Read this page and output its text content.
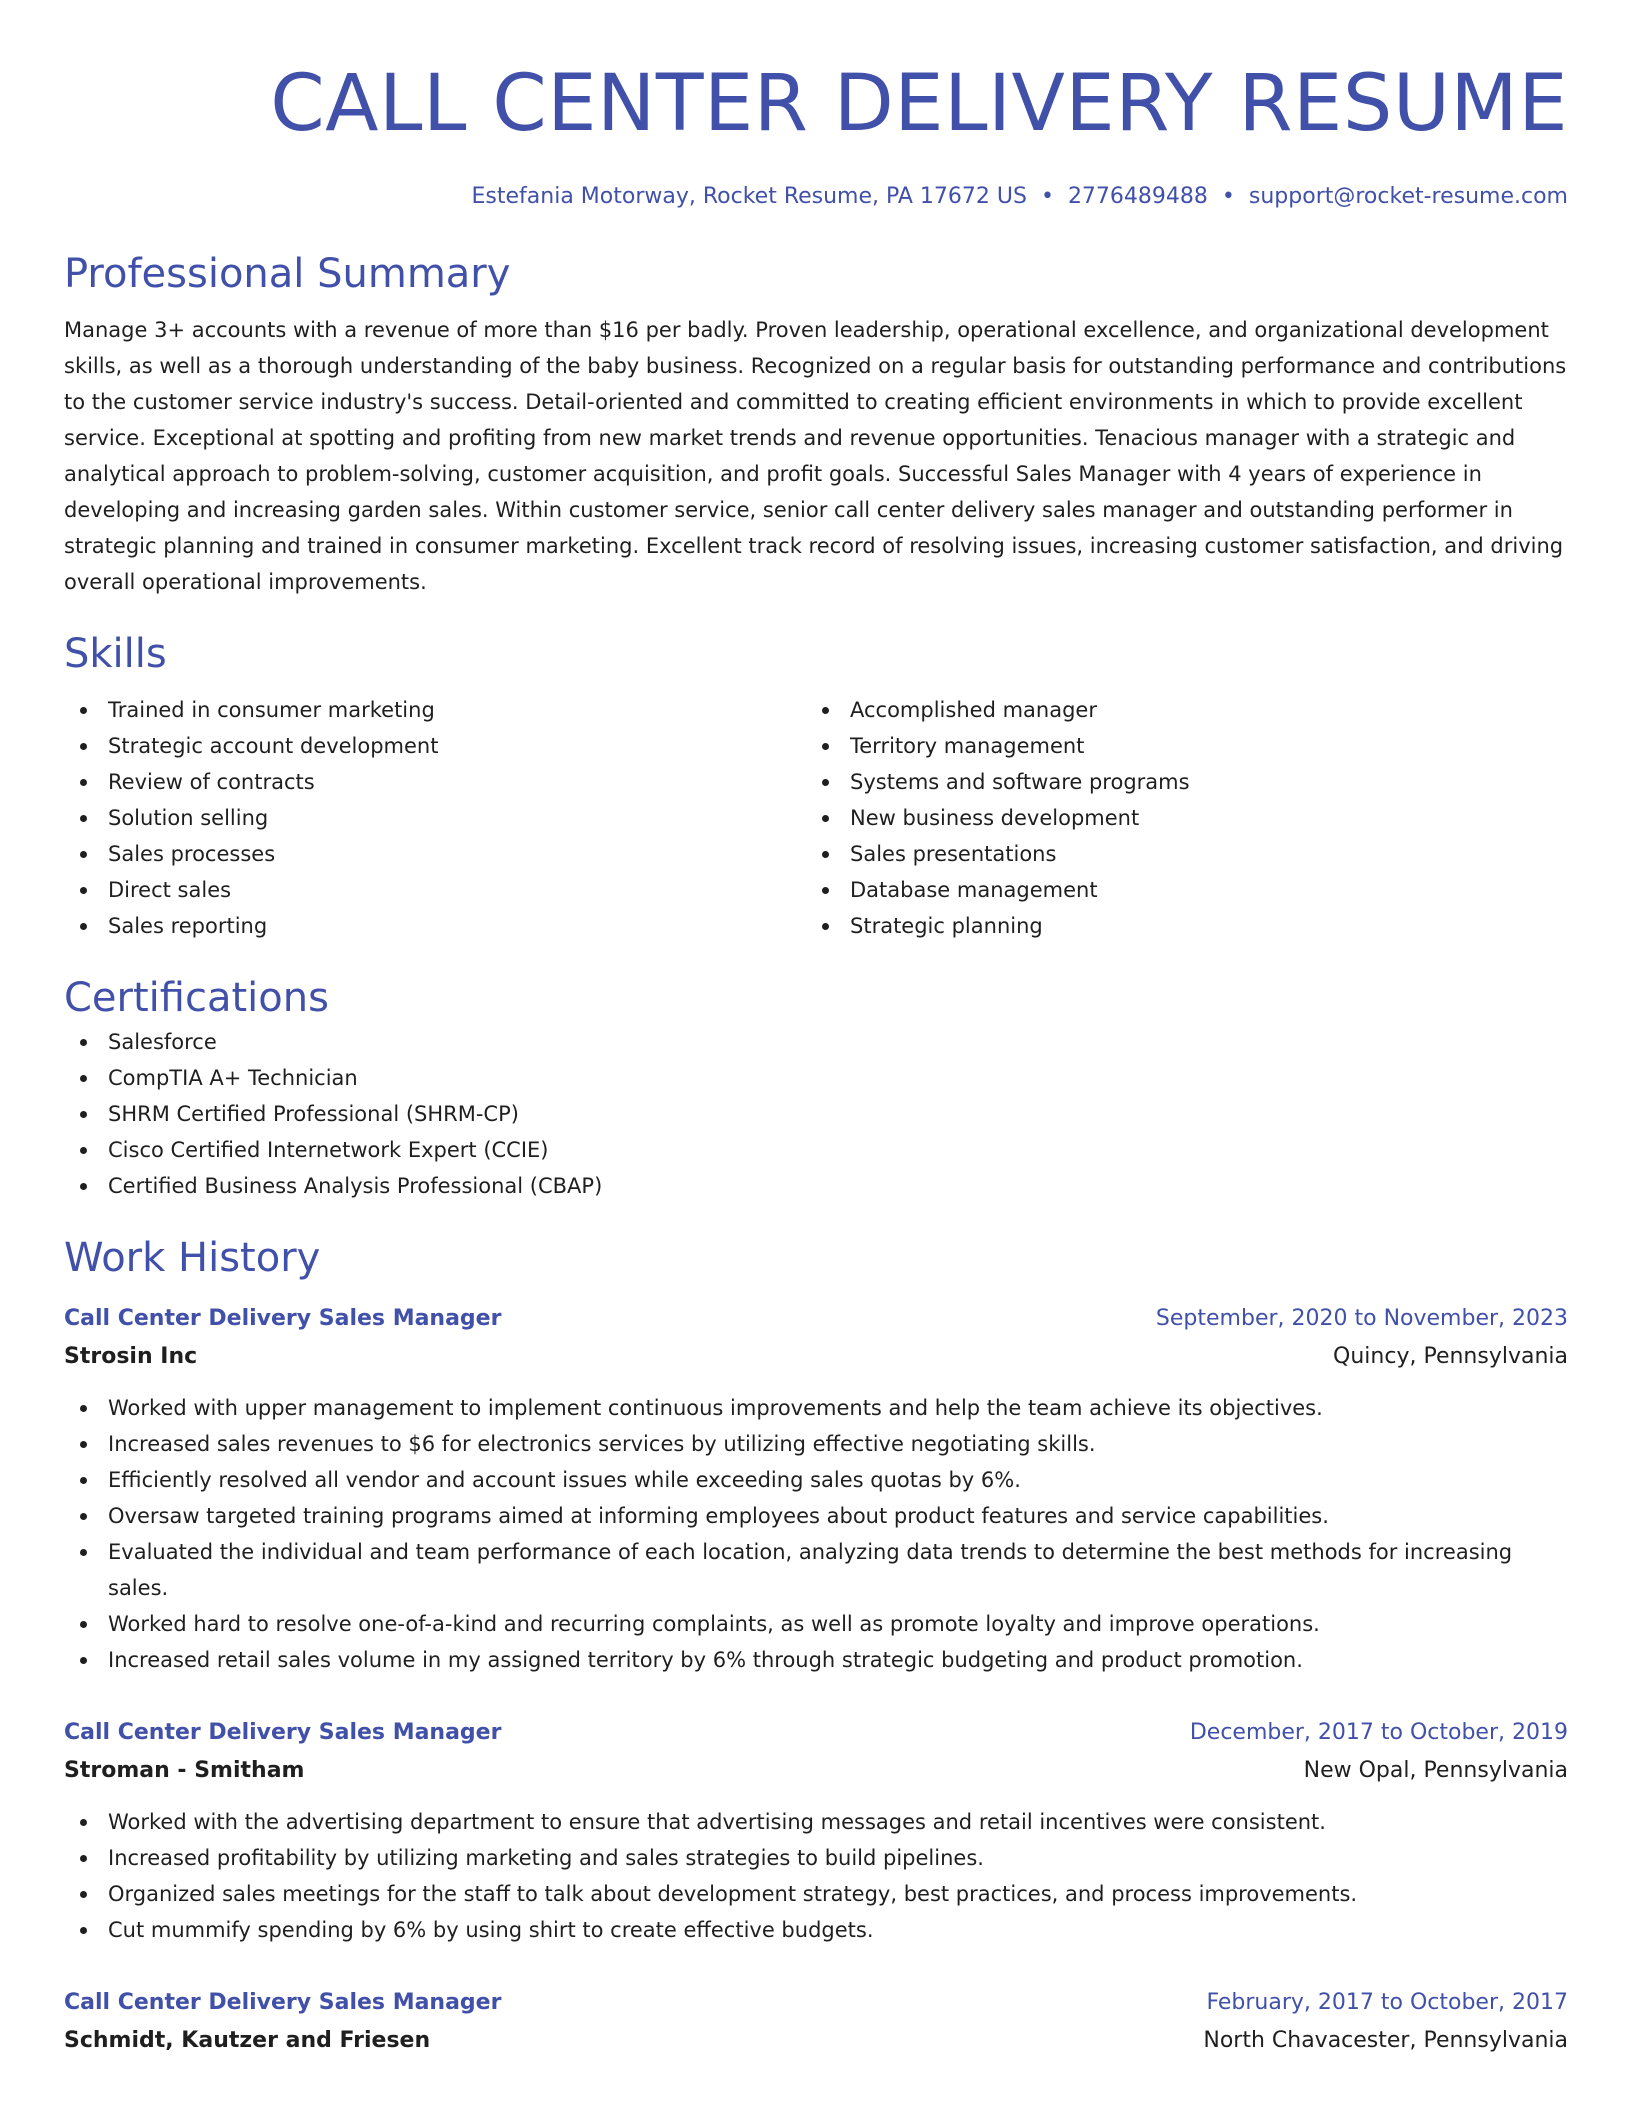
CALL CENTER DELIVERY RESUME
Estefania Motorway, Rocket Resume, PA 17672 US • 2776489488 • support@rocket-resume.com
Professional Summary
Manage 3+ accounts with a revenue of more than $16 per badly. Proven leadership, operational excellence, and organizational development skills, as well as a thorough understanding of the baby business. Recognized on a regular basis for outstanding performance and contributions to the customer service industry's success. Detail-oriented and committed to creating efficient environments in which to provide excellent service. Exceptional at spotting and profiting from new market trends and revenue opportunities. Tenacious manager with a strategic and analytical approach to problem-solving, customer acquisition, and profit goals. Successful Sales Manager with 4 years of experience in developing and increasing garden sales. Within customer service, senior call center delivery sales manager and outstanding performer in strategic planning and trained in consumer marketing. Excellent track record of resolving issues, increasing customer satisfaction, and driving overall operational improvements.
Skills
Trained in consumer marketing
Strategic account development
Review of contracts
Solution selling
Sales processes
Direct sales
Sales reporting
Accomplished manager
Territory management
Systems and software programs
New business development
Sales presentations
Database management
Strategic planning
Certifications
Salesforce
CompTIA A+ Technician
SHRM Certified Professional (SHRM-CP)
Cisco Certified Internetwork Expert (CCIE)
Certified Business Analysis Professional (CBAP)
Work History
Call Center Delivery Sales Manager	September, 2020 to November, 2023
Strosin Inc	Quincy, Pennsylvania
Worked with upper management to implement continuous improvements and help the team achieve its objectives.
Increased sales revenues to $6 for electronics services by utilizing effective negotiating skills.
Efficiently resolved all vendor and account issues while exceeding sales quotas by 6%.
Oversaw targeted training programs aimed at informing employees about product features and service capabilities.
Evaluated the individual and team performance of each location, analyzing data trends to determine the best methods for increasing sales.
Worked hard to resolve one-of-a-kind and recurring complaints, as well as promote loyalty and improve operations.
Increased retail sales volume in my assigned territory by 6% through strategic budgeting and product promotion.
Call Center Delivery Sales Manager	December, 2017 to October, 2019
Stroman - Smitham	New Opal, Pennsylvania
Worked with the advertising department to ensure that advertising messages and retail incentives were consistent.
Increased profitability by utilizing marketing and sales strategies to build pipelines.
Organized sales meetings for the staff to talk about development strategy, best practices, and process improvements.
Cut mummify spending by 6% by using shirt to create effective budgets.
Call Center Delivery Sales Manager	February, 2017 to October, 2017
Schmidt, Kautzer and Friesen	North Chavacester, Pennsylvania
